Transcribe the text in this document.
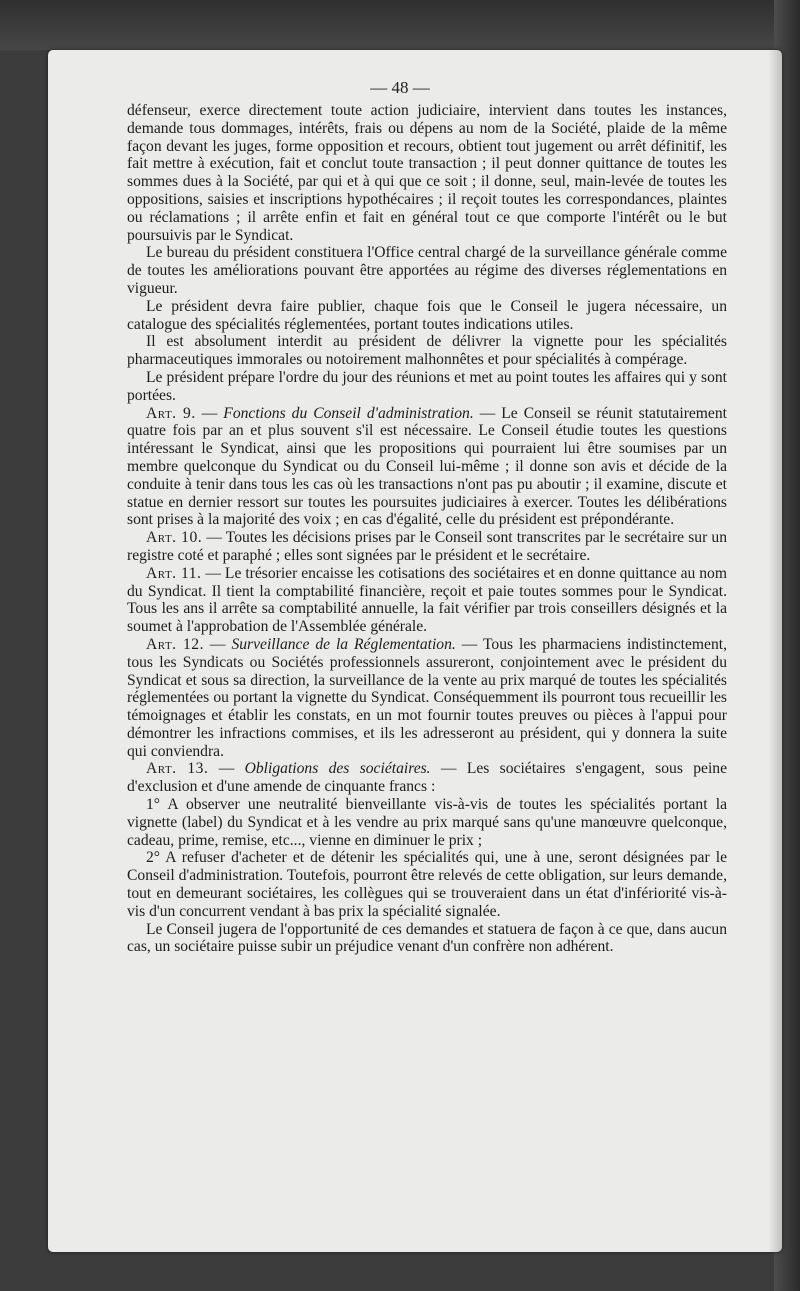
— 48 —

défenseur, exerce directement toute action judiciaire, intervient dans toutes les instances, demande tous dommages, intérêts, frais ou dépens au nom de la Société, plaide de la même façon devant les juges, forme opposition et recours, obtient tout jugement ou arrêt définitif, les fait mettre à exécution, fait et conclut toute transaction ; il peut donner quittance de toutes les sommes dues à la Société, par qui et à qui que ce soit ; il donne, seul, main-levée de toutes les oppositions, saisies et inscriptions hypothécaires ; il reçoit toutes les correspondances, plaintes ou réclamations ; il arrête enfin et fait en général tout ce que comporte l'intérêt ou le but poursuivis par le Syndicat.

Le bureau du président constituera l'Office central chargé de la surveillance générale comme de toutes les améliorations pouvant être apportées au régime des diverses réglementations en vigueur.

Le président devra faire publier, chaque fois que le Conseil le jugera nécessaire, un catalogue des spécialités réglementées, portant toutes indications utiles.

Il est absolument interdit au président de délivrer la vignette pour les spécialités pharmaceutiques immorales ou notoirement malhonnêtes et pour spécialités à compérage.

Le président prépare l'ordre du jour des réunions et met au point toutes les affaires qui y sont portées.

Art. 9. — Fonctions du Conseil d'administration. — Le Conseil se réunit statutairement quatre fois par an et plus souvent s'il est nécessaire. Le Conseil étudie toutes les questions intéressant le Syndicat, ainsi que les propositions qui pourraient lui être soumises par un membre quelconque du Syndicat ou du Conseil lui-même ; il donne son avis et décide de la conduite à tenir dans tous les cas où les transactions n'ont pas pu aboutir ; il examine, discute et statue en dernier ressort sur toutes les poursuites judiciaires à exercer. Toutes les délibérations sont prises à la majorité des voix ; en cas d'égalité, celle du président est prépondérante.

Art. 10. — Toutes les décisions prises par le Conseil sont transcrites par le secrétaire sur un registre coté et paraphé ; elles sont signées par le président et le secrétaire.

Art. 11. — Le trésorier encaisse les cotisations des sociétaires et en donne quittance au nom du Syndicat. Il tient la comptabilité financière, reçoit et paie toutes sommes pour le Syndicat. Tous les ans il arrête sa comptabilité annuelle, la fait vérifier par trois conseillers désignés et la soumet à l'approbation de l'Assemblée générale.

Art. 12. — Surveillance de la Réglementation. — Tous les pharmaciens indistinctement, tous les Syndicats ou Sociétés professionnels assureront, conjointement avec le président du Syndicat et sous sa direction, la surveillance de la vente au prix marqué de toutes les spécialités réglementées ou portant la vignette du Syndicat. Conséquemment ils pourront tous recueillir les témoignages et établir les constats, en un mot fournir toutes preuves ou pièces à l'appui pour démontrer les infractions commises, et ils les adresseront au président, qui y donnera la suite qui conviendra.

Art. 13. — Obligations des sociétaires. — Les sociétaires s'engagent, sous peine d'exclusion et d'une amende de cinquante francs :

1° A observer une neutralité bienveillante vis-à-vis de toutes les spécialités portant la vignette (label) du Syndicat et à les vendre au prix marqué sans qu'une manœuvre quelconque, cadeau, prime, remise, etc..., vienne en diminuer le prix ;

2° A refuser d'acheter et de détenir les spécialités qui, une à une, seront désignées par le Conseil d'administration. Toutefois, pourront être relevés de cette obligation, sur leurs demande, tout en demeurant sociétaires, les collègues qui se trouveraient dans un état d'infériorité vis-à-vis d'un concurrent vendant à bas prix la spécialité signalée.

Le Conseil jugera de l'opportunité de ces demandes et statuera de façon à ce que, dans aucun cas, un sociétaire puisse subir un préjudice venant d'un confrère non adhérent.
